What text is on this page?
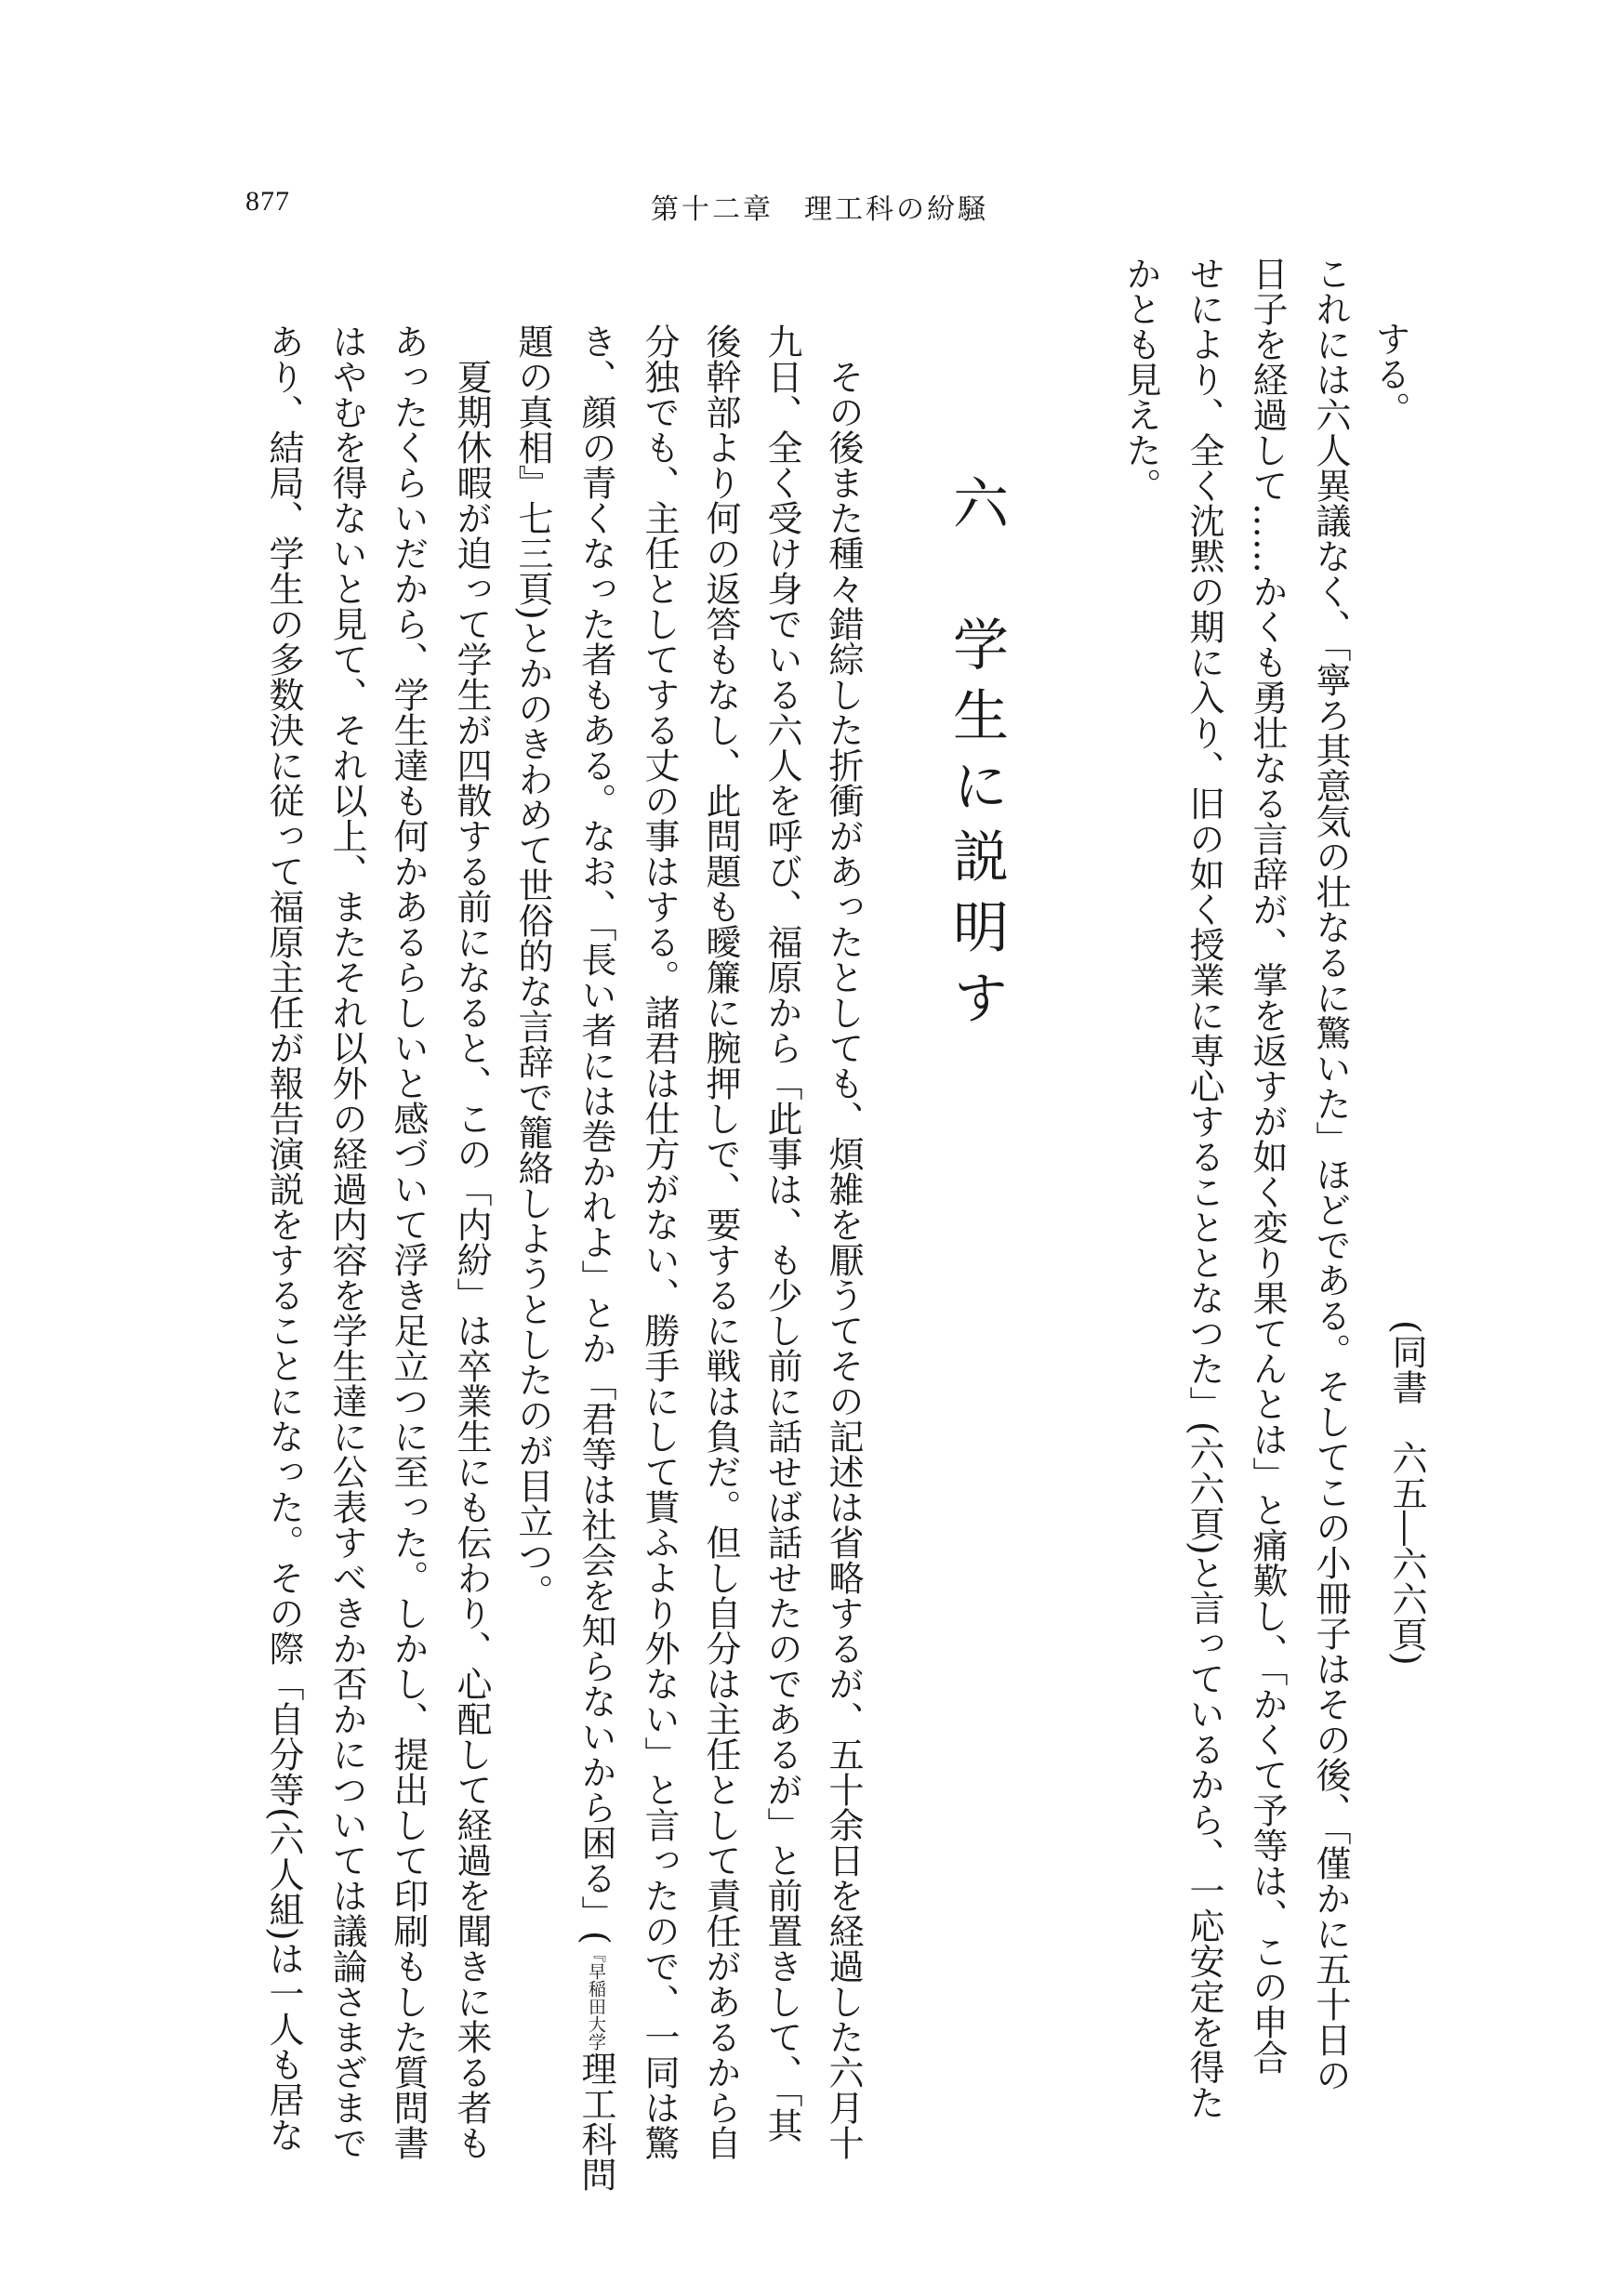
877	第十二章　理工科の紛騒
(同書　六五―六六頁)
する。
これには六人異議なく、「寧ろ其意気の壮なるに驚いた」ほどである。そしてこの小冊子はその後、「僅かに五十日の
日子を経過して……かくも勇壮なる言辞が、掌を返すが如く変り果てんとは」と痛歎し、「かくて予等は、この申合
せにより、全く沈黙の期に入り、旧の如く授業に専心することとなつた」(六六頁)と言っているから、一応安定を得た
かとも見えた。
六　学生に説明す
　その後また種々錯綜した折衝があったとしても、煩雑を厭うてその記述は省略するが、五十余日を経過した六月十
九日、全く受け身でいる六人を呼び、福原から「此事は、も少し前に話せば話せたのであるが」と前置きして、「其
後幹部より何の返答もなし、此問題も曖簾に腕押しで、要するに戦は負だ。但し自分は主任として責任があるから自
分独でも、主任としてする丈の事はする。諸君は仕方がない、勝手にして貰ふより外ない」と言ったので、一同は驚
き、顔の青くなった者もある。なお、「長い者には巻かれよ」とか「君等は社会を知らないから困る」(『早稲田大学理工科問
題の真相』七三頁)とかのきわめて世俗的な言辞で籠絡しようとしたのが目立つ。
　夏期休暇が迫って学生が四散する前になると、この「内紛」は卒業生にも伝わり、心配して経過を聞きに来る者も
あったくらいだから、学生達も何かあるらしいと感づいて浮き足立つに至った。しかし、提出して印刷もした質問書
はやむを得ないと見て、それ以上、またそれ以外の経過内容を学生達に公表すべきか否かについては議論さまざまで
あり、結局、学生の多数決に従って福原主任が報告演説をすることになった。その際「自分等(六人組)は一人も居な
